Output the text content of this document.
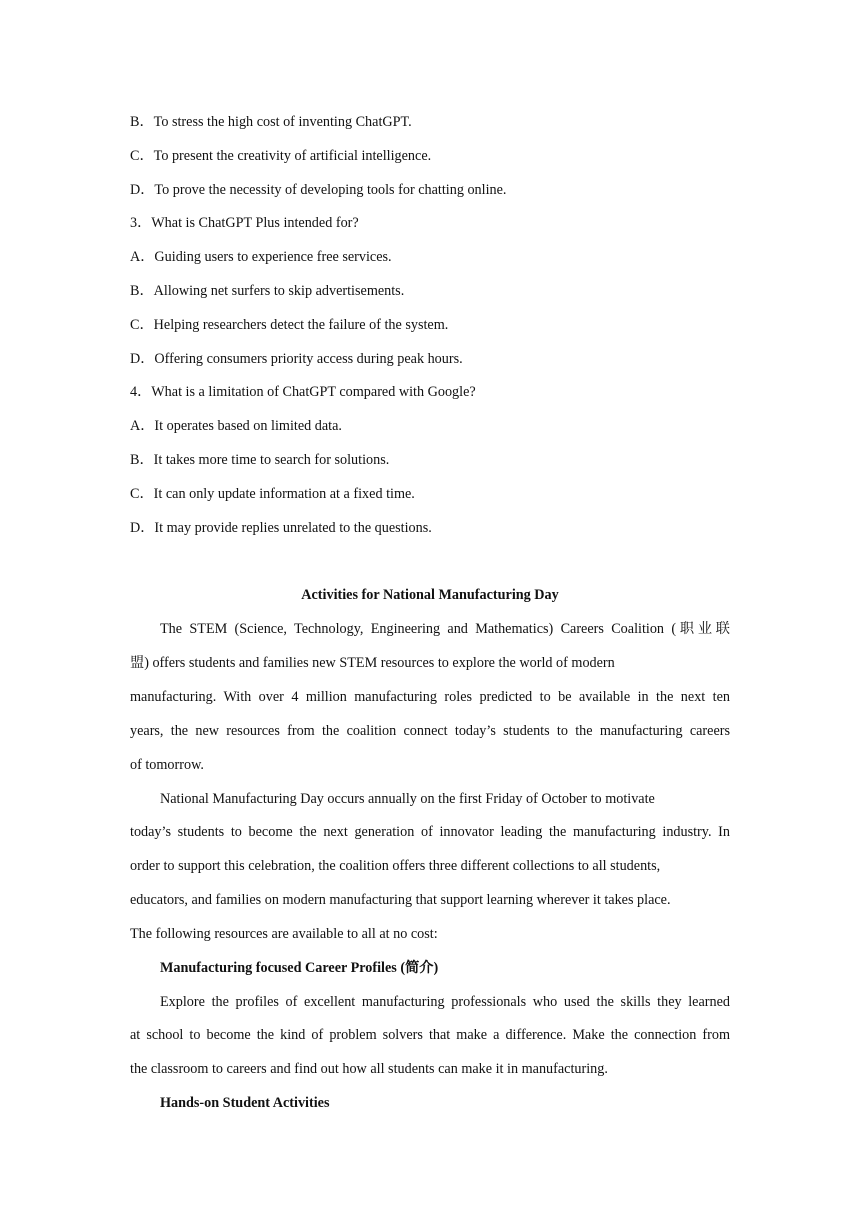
B．To stress the high cost of inventing ChatGPT.
C．To present the creativity of artificial intelligence.
D．To prove the necessity of developing tools for chatting online.
3．What is ChatGPT Plus intended for?
A．Guiding users to experience free services.
B．Allowing net surfers to skip advertisements.
C．Helping researchers detect the failure of the system.
D．Offering consumers priority access during peak hours.
4．What is a limitation of ChatGPT compared with Google?
A．It operates based on limited data.
B．It takes more time to search for solutions.
C．It can only update information at a fixed time.
D．It may provide replies unrelated to the questions.
Activities for National Manufacturing Day
The STEM (Science, Technology, Engineering and Mathematics) Careers Coalition (职业联
盟) offers students and families new STEM resources to explore the world of modern
manufacturing. With over 4 million manufacturing roles predicted to be available in the next ten
years, the new resources from the coalition connect today’s students to the manufacturing careers
of tomorrow.
National Manufacturing Day occurs annually on the first Friday of October to motivate
today’s students to become the next generation of innovator leading the manufacturing industry. In
order to support this celebration, the coalition offers three different collections to all students,
educators, and families on modern manufacturing that support learning wherever it takes place.
The following resources are available to all at no cost:
Manufacturing focused Career Profiles (简介)
Explore the profiles of excellent manufacturing professionals who used the skills they learned
at school to become the kind of problem solvers that make a difference. Make the connection from
the classroom to careers and find out how all students can make it in manufacturing.
Hands-on Student Activities
